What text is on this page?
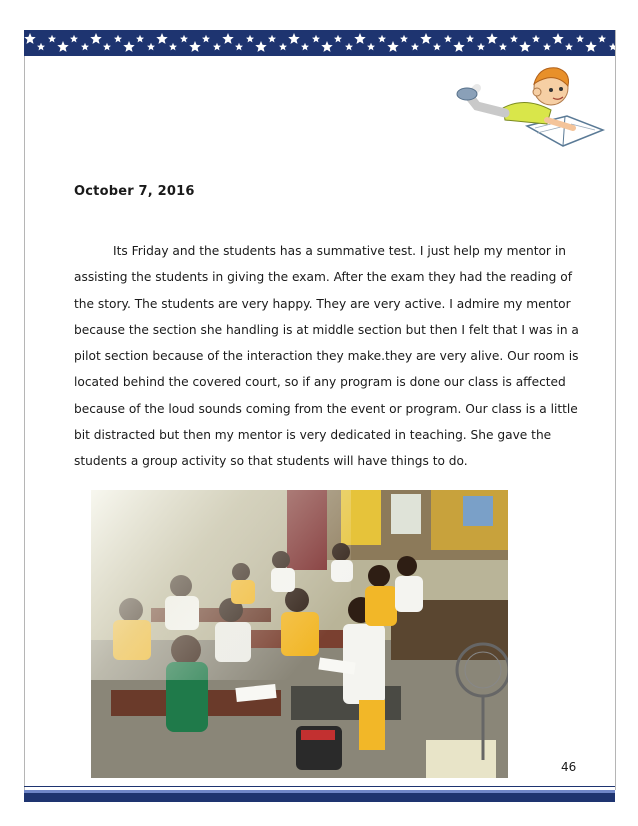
October 7, 2016

Its Friday and the students has a summative test. I just help my mentor in
assisting the students in giving the exam. After the exam they had the reading of
the story. The students are very happy. They are very active. I admire my mentor
because the section she handling is at middle section but then I felt that I was in a
pilot section because of the interaction they make.they are very alive. Our room is
located behind the covered court, so if any program is done our class is affected
because of the loud sounds coming from the event or program. Our class is a little
bit distracted but then my mentor is very dedicated in teaching. She gave the
students a group activity so that students will have things to do.

46
